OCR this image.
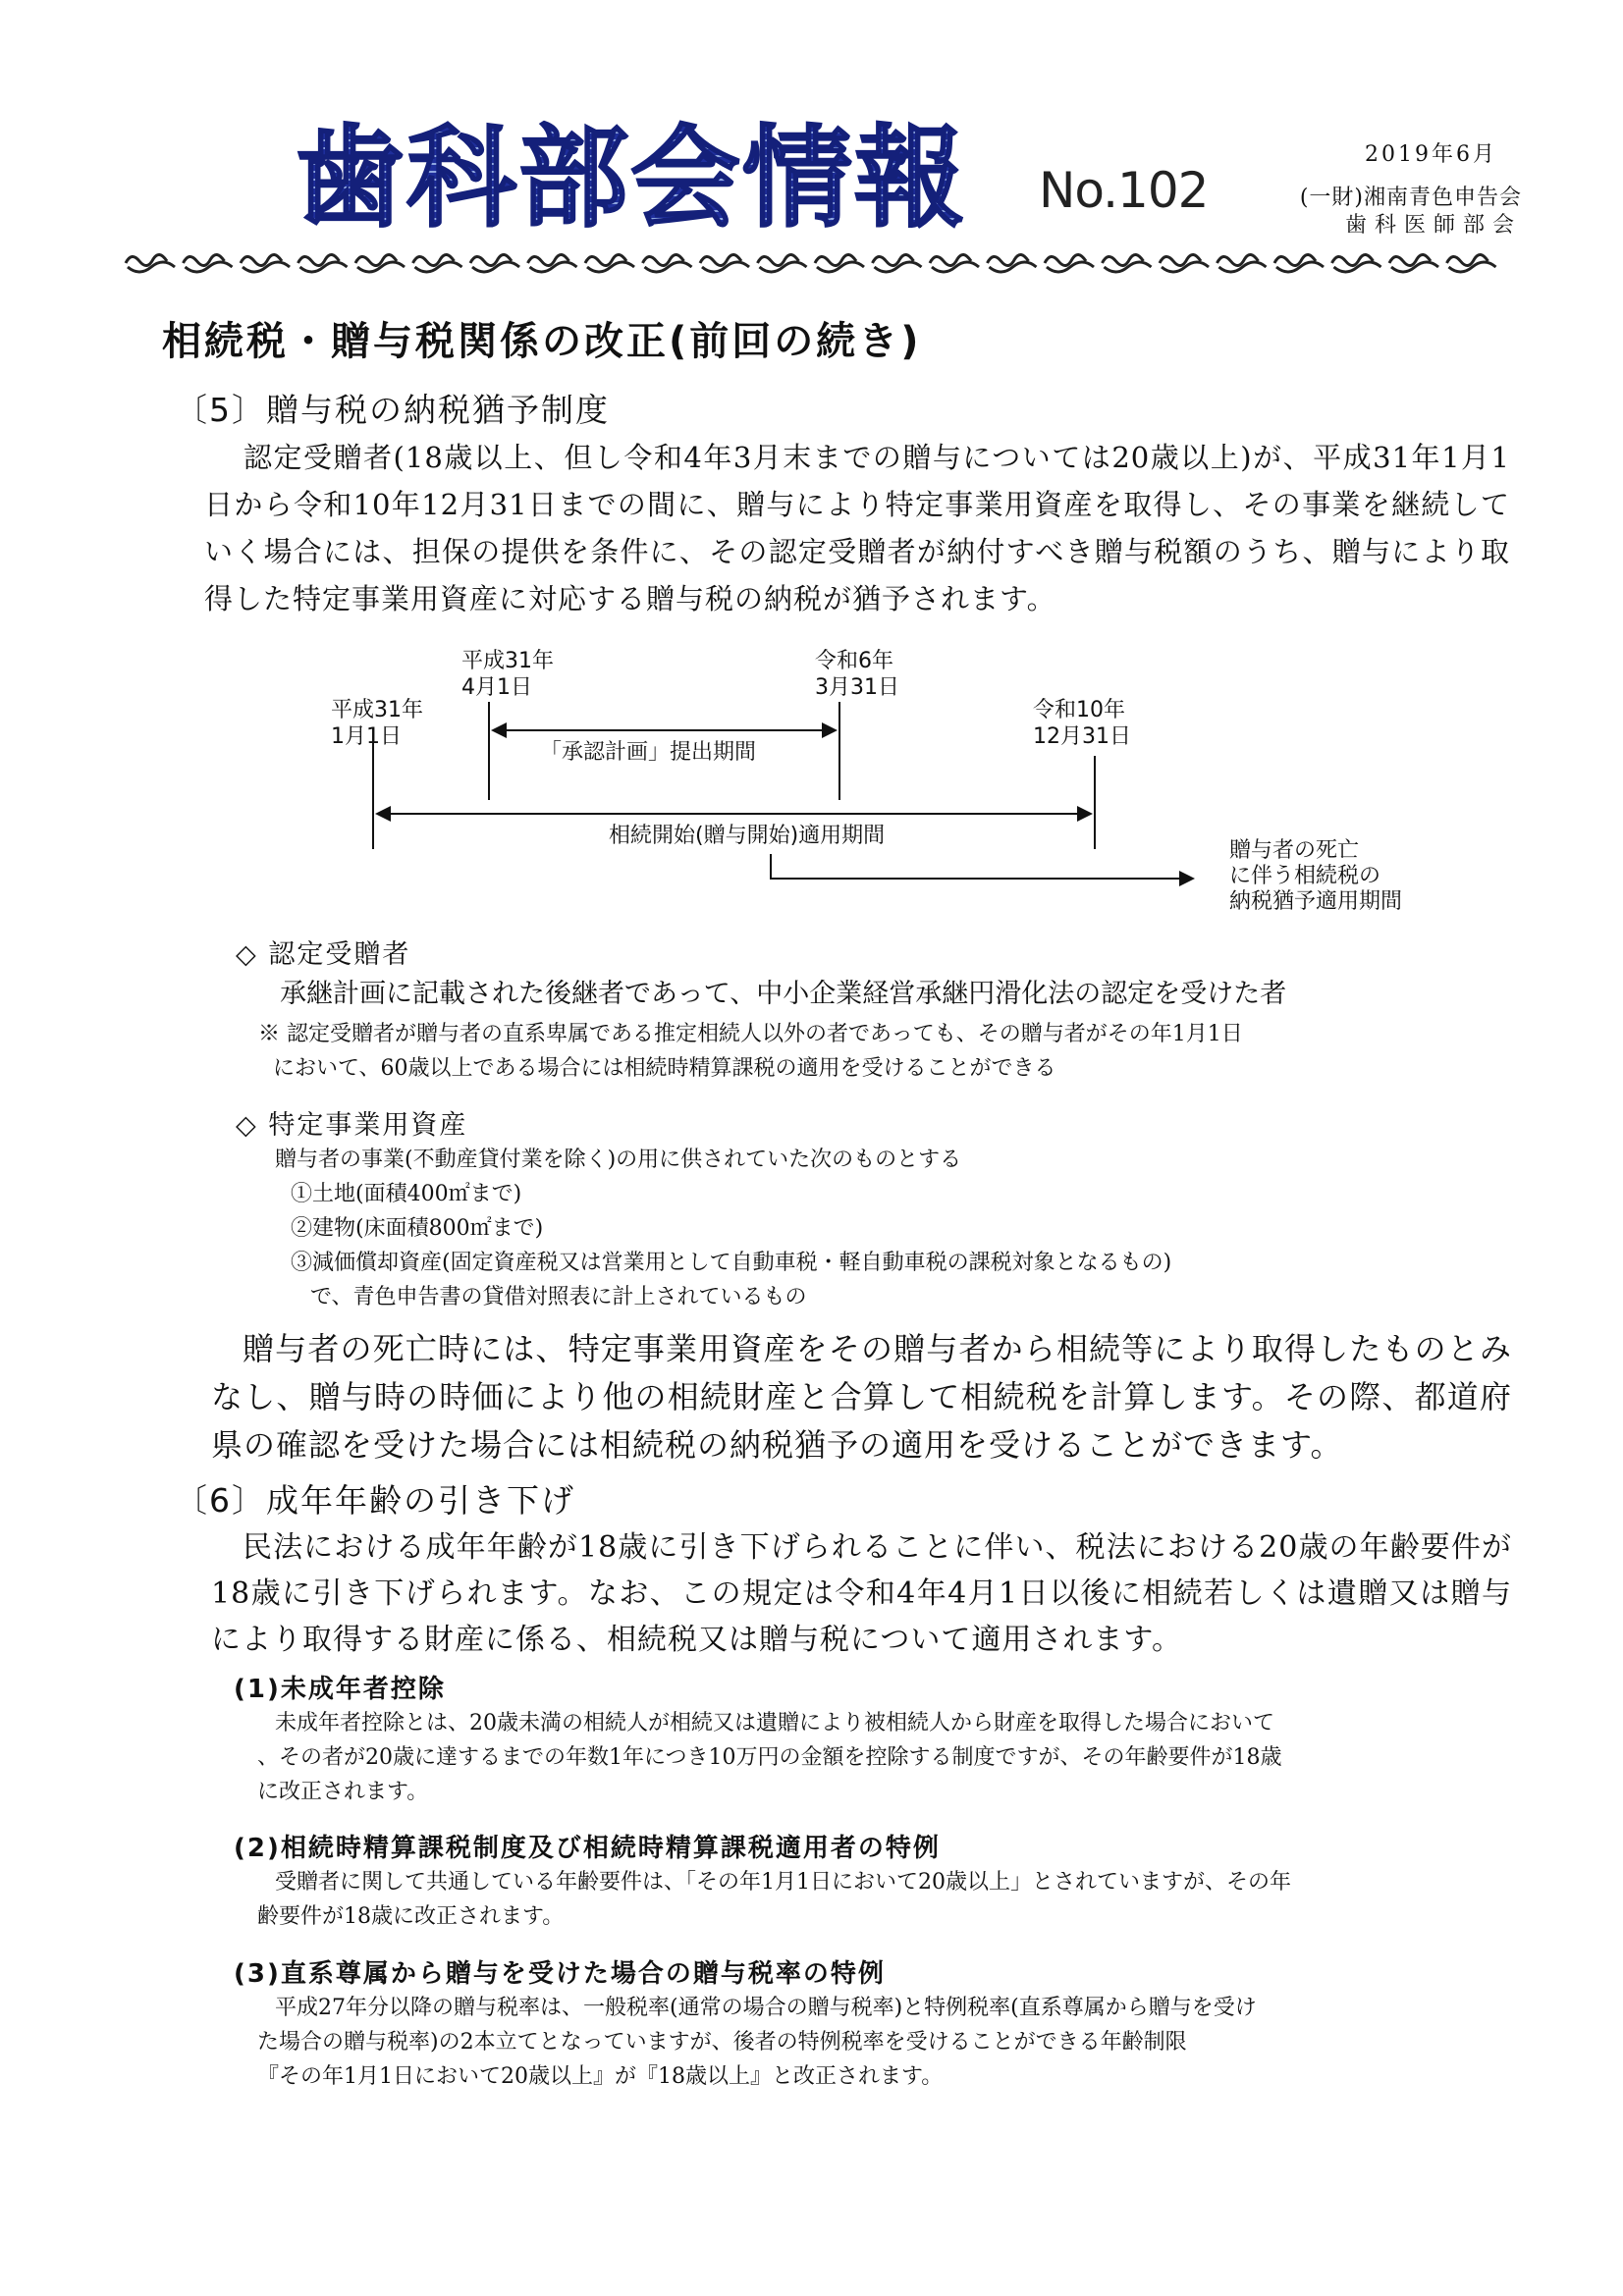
歯科部会情報 No.102
2019年6月
(一財)湘南青色申告会
歯科医師部会
相続税・贈与税関係の改正(前回の続き)
〔5〕贈与税の納税猶予制度
認定受贈者(18歳以上、但し令和4年3月末までの贈与については20歳以上)が、平成31年1月1日から令和10年12月31日までの間に、贈与により特定事業用資産を取得し、その事業を継続していく場合には、担保の提供を条件に、その認定受贈者が納付すべき贈与税額のうち、贈与により取得した特定事業用資産に対応する贈与税の納税が猶予されます。
平成31年
1月1日
平成31年
4月1日
令和6年
3月31日
令和10年
12月31日
「承認計画」提出期間
相続開始(贈与開始)適用期間
贈与者の死亡
に伴う相続税の
納税猶予適用期間
◇ 認定受贈者
承継計画に記載された後継者であって、中小企業経営承継円滑化法の認定を受けた者
※ 認定受贈者が贈与者の直系卑属である推定相続人以外の者であっても、その贈与者がその年1月1日
において、60歳以上である場合には相続時精算課税の適用を受けることができる
◇ 特定事業用資産
贈与者の事業(不動産貸付業を除く)の用に供されていた次のものとする
①土地(面積400㎡まで)
②建物(床面積800㎡まで)
③減価償却資産(固定資産税又は営業用として自動車税・軽自動車税の課税対象となるもの)
で、青色申告書の貸借対照表に計上されているもの
贈与者の死亡時には、特定事業用資産をその贈与者から相続等により取得したものとみなし、贈与時の時価により他の相続財産と合算して相続税を計算します。その際、都道府県の確認を受けた場合には相続税の納税猶予の適用を受けることができます。
〔6〕成年年齢の引き下げ
民法における成年年齢が18歳に引き下げられることに伴い、税法における20歳の年齢要件が18歳に引き下げられます。なお、この規定は令和4年4月1日以後に相続若しくは遺贈又は贈与により取得する財産に係る、相続税又は贈与税について適用されます。
(1)未成年者控除
未成年者控除とは、20歳未満の相続人が相続又は遺贈により被相続人から財産を取得した場合において
、その者が20歳に達するまでの年数1年につき10万円の金額を控除する制度ですが、その年齢要件が18歳
に改正されます。
(2)相続時精算課税制度及び相続時精算課税適用者の特例
受贈者に関して共通している年齢要件は、「その年1月1日において20歳以上」とされていますが、その年
齢要件が18歳に改正されます。
(3)直系尊属から贈与を受けた場合の贈与税率の特例
平成27年分以降の贈与税率は、一般税率(通常の場合の贈与税率)と特例税率(直系尊属から贈与を受け
た場合の贈与税率)の2本立てとなっていますが、後者の特例税率を受けることができる年齢制限
『その年1月1日において20歳以上』が『18歳以上』と改正されます。
